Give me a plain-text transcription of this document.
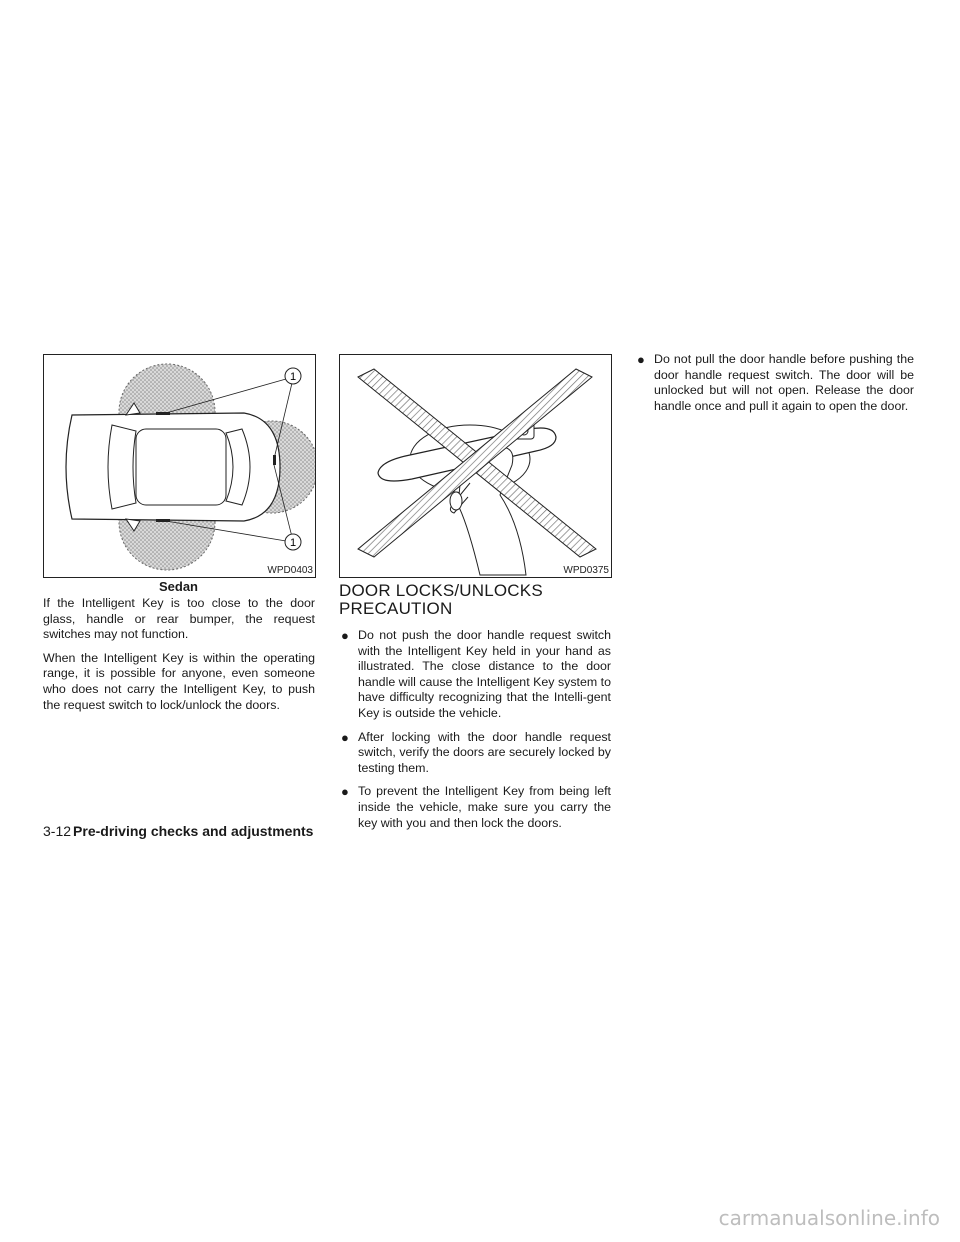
1
1
WPD0403
Sedan
WPD0375

If the Intelligent Key is too close to the door glass, handle or rear bumper, the request switches may not function.

When the Intelligent Key is within the operating range, it is possible for anyone, even someone who does not carry the Intelligent Key, to push the request switch to lock/unlock the doors.

DOOR LOCKS/UNLOCKS
PRECAUTION
● Do not push the door handle request switch with the Intelligent Key held in your hand as illustrated. The close distance to the door handle will cause the Intelligent Key system to have difficulty recognizing that the Intelli-gent Key is outside the vehicle.
● After locking with the door handle request switch, verify the doors are securely locked by testing them.
● To prevent the Intelligent Key from being left inside the vehicle, make sure you carry the key with you and then lock the doors.
● Do not pull the door handle before pushing the door handle request switch. The door will be unlocked but will not open. Release the door handle once and pull it again to open the door.
3-12 Pre-driving checks and adjustments
carmanualsonline.info
